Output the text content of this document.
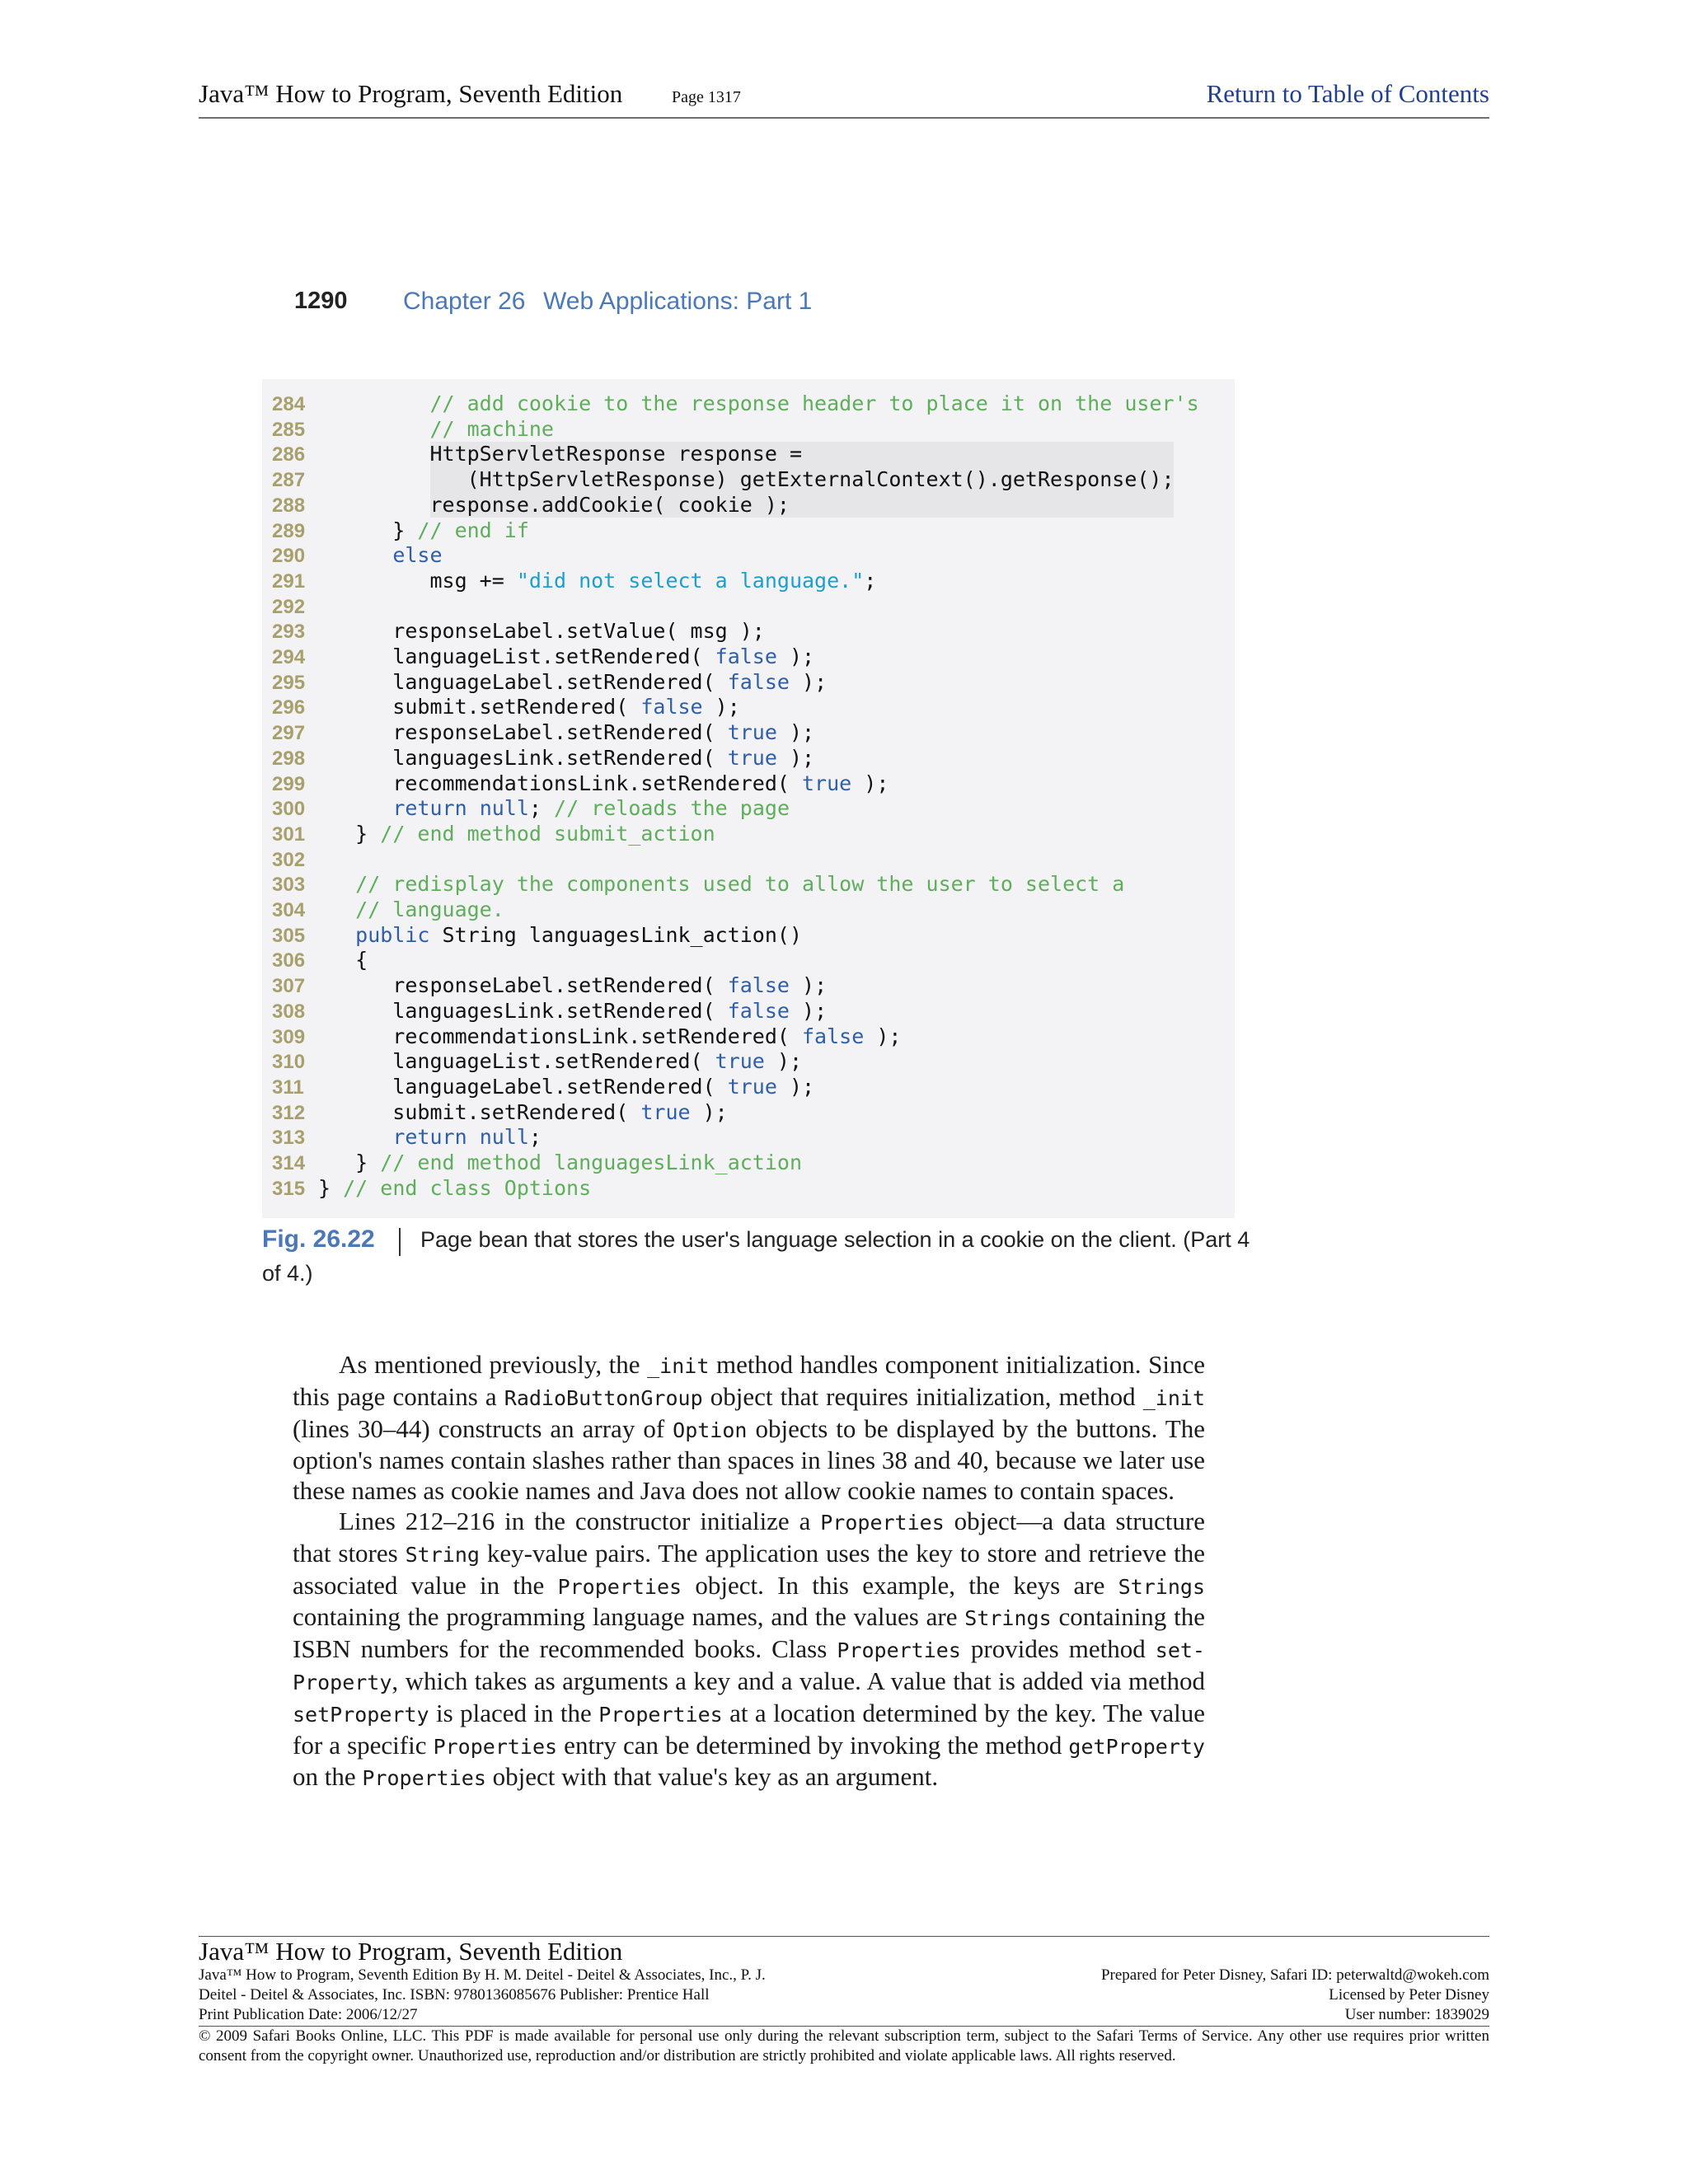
Java™ How to Program, Seventh Edition	Page 1317	Return to Table of Contents
1290 Chapter 26 Web Applications: Part 1
284	// add cookie to the response header to place it on the user's
285	// machine
286         HttpServletResponse response =
287            (HttpServletResponse) getExternalContext().getResponse();
288         response.addCookie( cookie );
289      } // end if
290	else
291         msg += "did not select a language.";
292
293      responseLabel.setValue( msg );
294      languageList.setRendered( false );
295      languageLabel.setRendered( false );
296      submit.setRendered( false );
297      responseLabel.setRendered( true );
298      languagesLink.setRendered( true );
299      recommendationsLink.setRendered( true );
300	return null; // reloads the page
301   } // end method submit_action
302
303 // redisplay the components used to allow the user to select a
304 // language.
305 public String languagesLink_action()
306   {
307      responseLabel.setRendered( false );
308      languagesLink.setRendered( false );
309      recommendationsLink.setRendered( false );
310      languageList.setRendered( true );
311      languageLabel.setRendered( true );
312      submit.setRendered( true );
313	return null;
314   } // end method languagesLink_action
315 } // end class Options
Fig. 26.22 Page bean that stores the user's language selection in a cookie on the client. (Part 4
of 4.)

As mentioned previously, the _init method handles component initialization. Since this page contains a RadioButtonGroup object that requires initialization, method _init (lines 30–44) constructs an array of Option objects to be displayed by the buttons. The option's names contain slashes rather than spaces in lines 38 and 40, because we later use these names as cookie names and Java does not allow cookie names to contain spaces.

Lines 212–216 in the constructor initialize a Properties object—a data structure that stores String key-value pairs. The application uses the key to store and retrieve the associated value in the Properties object. In this example, the keys are Strings containing the programming language names, and the values are Strings containing the ISBN numbers for the recommended books. Class Properties provides method set-Property, which takes as arguments a key and a value. A value that is added via method setProperty is placed in the Properties at a location determined by the key. The value for a specific Properties entry can be determined by invoking the method getProperty on the Properties object with that value's key as an argument.

Java™ How to Program, Seventh Edition
Java™ How to Program, Seventh Edition By H. M. Deitel - Deitel & Associates, Inc., P. J.
Deitel - Deitel & Associates, Inc. ISBN: 9780136085676 Publisher: Prentice Hall
Print Publication Date: 2006/12/27
Prepared for Peter Disney, Safari ID: peterwaltd@wokeh.com
Licensed by Peter Disney
User number: 1839029
© 2009 Safari Books Online, LLC. This PDF is made available for personal use only during the relevant subscription term, subject to the Safari Terms of Service. Any other use requires prior written consent from the copyright owner. Unauthorized use, reproduction and/or distribution are strictly prohibited and violate applicable laws. All rights reserved.
